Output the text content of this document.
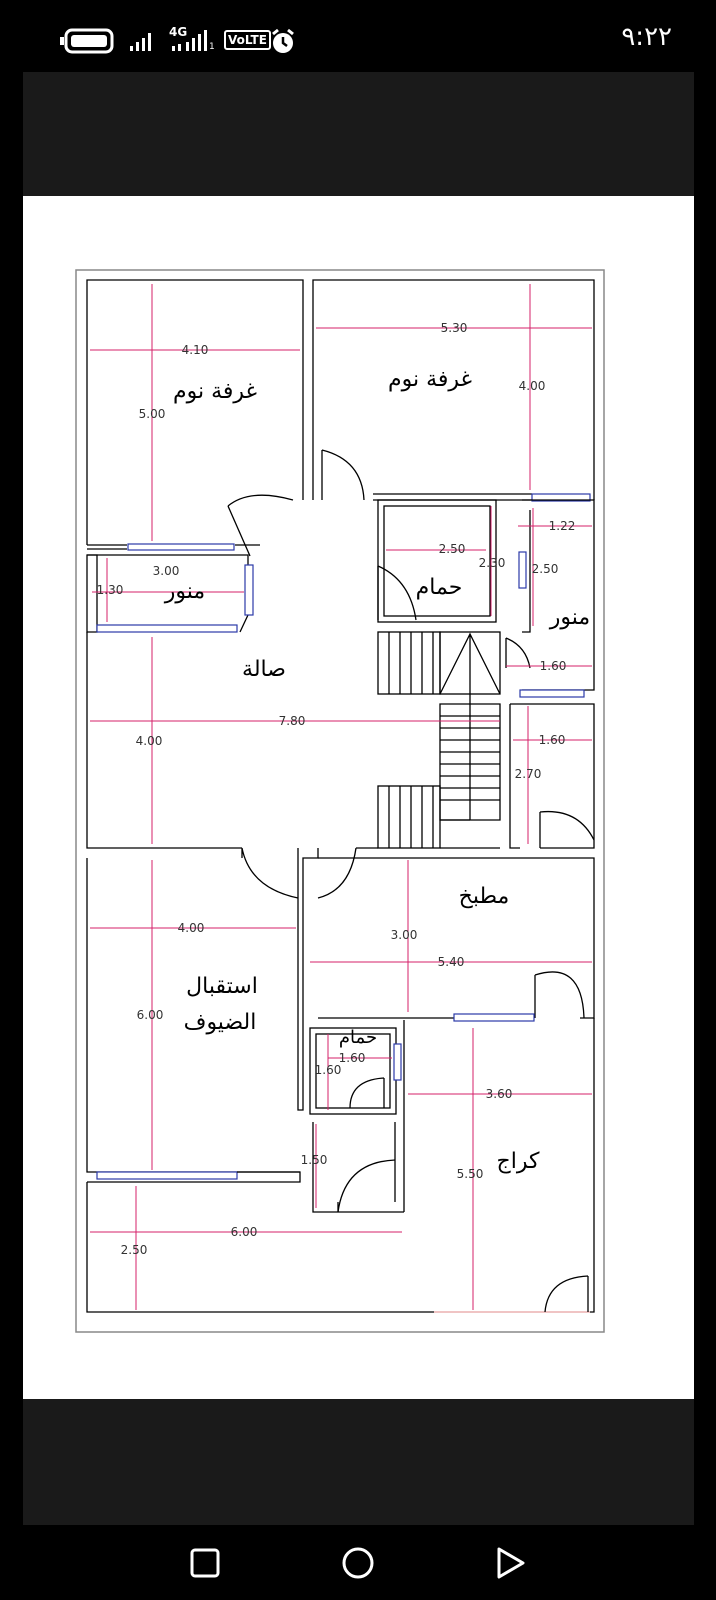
4G
1	VoLTE	٩:٢٢
4.10
5.00
5.30
4.00
3.00
1.30
1.22
2.50
2.50
2.30
1.60
7.80
4.00	1.60
2.70
4.00
6.00
3.00
5.40
1.60
1.60
3.60
1.50
5.50
6.00
2.50
غرفة نوم	غرفة نوم
منور
منور
حمام
صالة
مطبخ
استقبال
الضيوف
حمام
كراج
